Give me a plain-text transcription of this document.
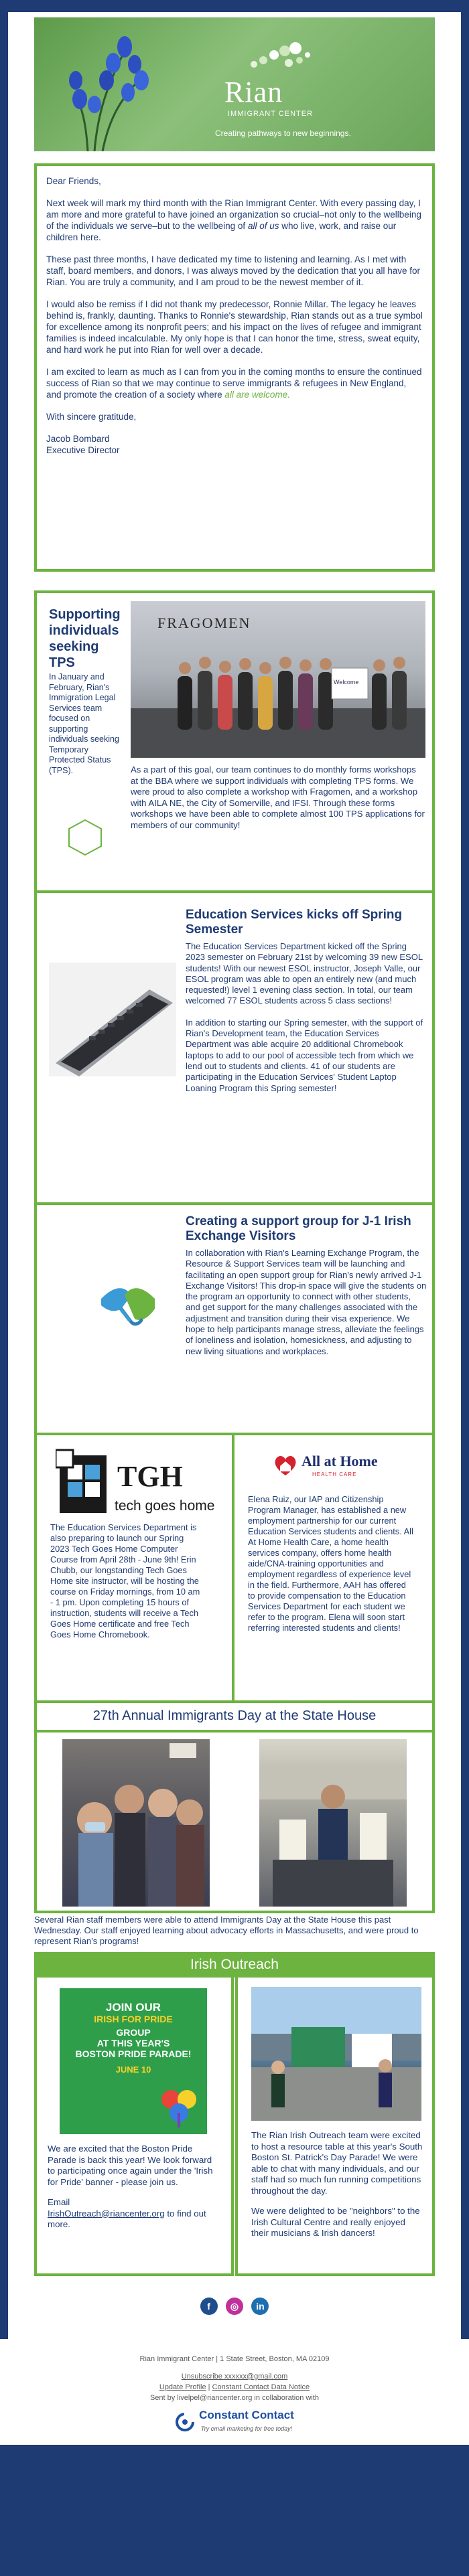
Rian
IMMIGRANT CENTER
Creating pathways to new beginnings.

Dear Friends,

Next week will mark my third month with the Rian Immigrant Center. With every passing day, I am more and more grateful to have joined an organization so crucial–not only to the wellbeing of the individuals we serve–but to the wellbeing of all of us who live, work, and raise our children here.

These past three months, I have dedicated my time to listening and learning. As I met with staff, board members, and donors, I was always moved by the dedication that you all have for Rian. You are truly a community, and I am proud to be the newest member of it.

I would also be remiss if I did not thank my predecessor, Ronnie Millar. The legacy he leaves behind is, frankly, daunting. Thanks to Ronnie's stewardship, Rian stands out as a true symbol for excellence among its nonprofit peers; and his impact on the lives of refugee and immigrant families is indeed incalculable. My only hope is that I can honor the time, stress, sweat equity, and hard work he put into Rian for well over a decade.

I am excited to learn as much as I can from you in the coming months to ensure the continued success of Rian so that we may continue to serve immigrants & refugees in New England, and promote the creation of a society where all are welcome.

With sincere gratitude,

Jacob Bombard
Executive Director
Supporting individuals seeking TPS
In January and February, Rian's Immigration Legal Services team focused on supporting individuals seeking Temporary Protected Status (TPS).
FRAGOMEN
Welcome
As a part of this goal, our team continues to do monthly forms workshops at the BBA where we support individuals with completing TPS forms. We were proud to also complete a workshop with Fragomen, and a workshop with AILA NE, the City of Somerville, and IFSI. Through these forms workshops we have been able to complete almost 100 TPS applications for members of our community!
Education Services kicks off Spring Semester

The Education Services Department kicked off the Spring 2023 semester on February 21st by welcoming 39 new ESOL students! With our newest ESOL instructor, Joseph Valle, our ESOL program was able to open an entirely new (and much requested!) level 1 evening class section. In total, our team welcomed 77 ESOL students across 5 class sections!

In addition to starting our Spring semester, with the support of Rian's Development team, the Education Services Department was able acquire 20 additional Chromebook laptops to add to our pool of accessible tech from which we lend out to students and clients. 41 of our students are participating in the Education Services' Student Laptop Loaning Program this Spring semester!

Creating a support group for J-1 Irish Exchange Visitors
In collaboration with Rian's Learning Exchange Program, the Resource & Support Services team will be launching and facilitating an open support group for Rian's newly arrived J-1 Exchange Visitors! This drop-in space will give the students on the program an opportunity to connect with other students, and get support for the many challenges associated with the adjustment and transition during their visa experience. We hope to help participants manage stress, alleviate the feelings of loneliness and isolation, homesickness, and adjusting to new living situations and workplaces.
TGH
tech goes home
The Education Services Department is also preparing to launch our Spring 2023 Tech Goes Home Computer Course from April 28th - June 9th! Erin Chubb, our longstanding Tech Goes Home site instructor, will be hosting the course on Friday mornings, from 10 am - 1 pm. Upon completing 15 hours of instruction, students will receive a Tech Goes Home certificate and free Tech Goes Home Chromebook.
All at Home
HEALTH CARE
Elena Ruiz, our IAP and Citizenship Program Manager, has established a new employment partnership for our current Education Services students and clients. All At Home Health Care, a home health services company, offers home health aide/CNA-training opportunities and employment regardless of experience level in the field. Furthermore, AAH has offered to provide compensation to the Education Services Department for each student we refer to the program. Elena will soon start referring interested students and clients!
27th Annual Immigrants Day at the State House
Several Rian staff members were able to attend Immigrants Day at the State House this past Wednesday. Our staff enjoyed learning about advocacy efforts in Massachusetts, and were proud to represent Rian's programs!
Irish Outreach
JOIN OUR
IRISH FOR PRIDE
GROUP
AT THIS YEAR'S
BOSTON PRIDE PARADE!
JUNE 10

We are excited that the Boston Pride Parade is back this year! We look forward to participating once again under the 'Irish for Pride' banner - please join us.

Email
IrishOutreach@riancenter.org to find out more.

The Rian Irish Outreach team were excited to host a resource table at this year's South Boston St. Patrick's Day Parade! We were able to chat with many individuals, and our staff had so much fun running competitions throughout the day.

We were delighted to be "neighbors" to the Irish Cultural Centre and really enjoyed their musicians & Irish dancers!

f ◎ in
Rian Immigrant Center | 1 State Street, Boston, MA 02109
Unsubscribe xxxxxx@gmail.com
Update Profile | Constant Contact Data Notice
Sent by livelpel@riancenter.org in collaboration with
Constant Contact
Try email marketing for free today!
